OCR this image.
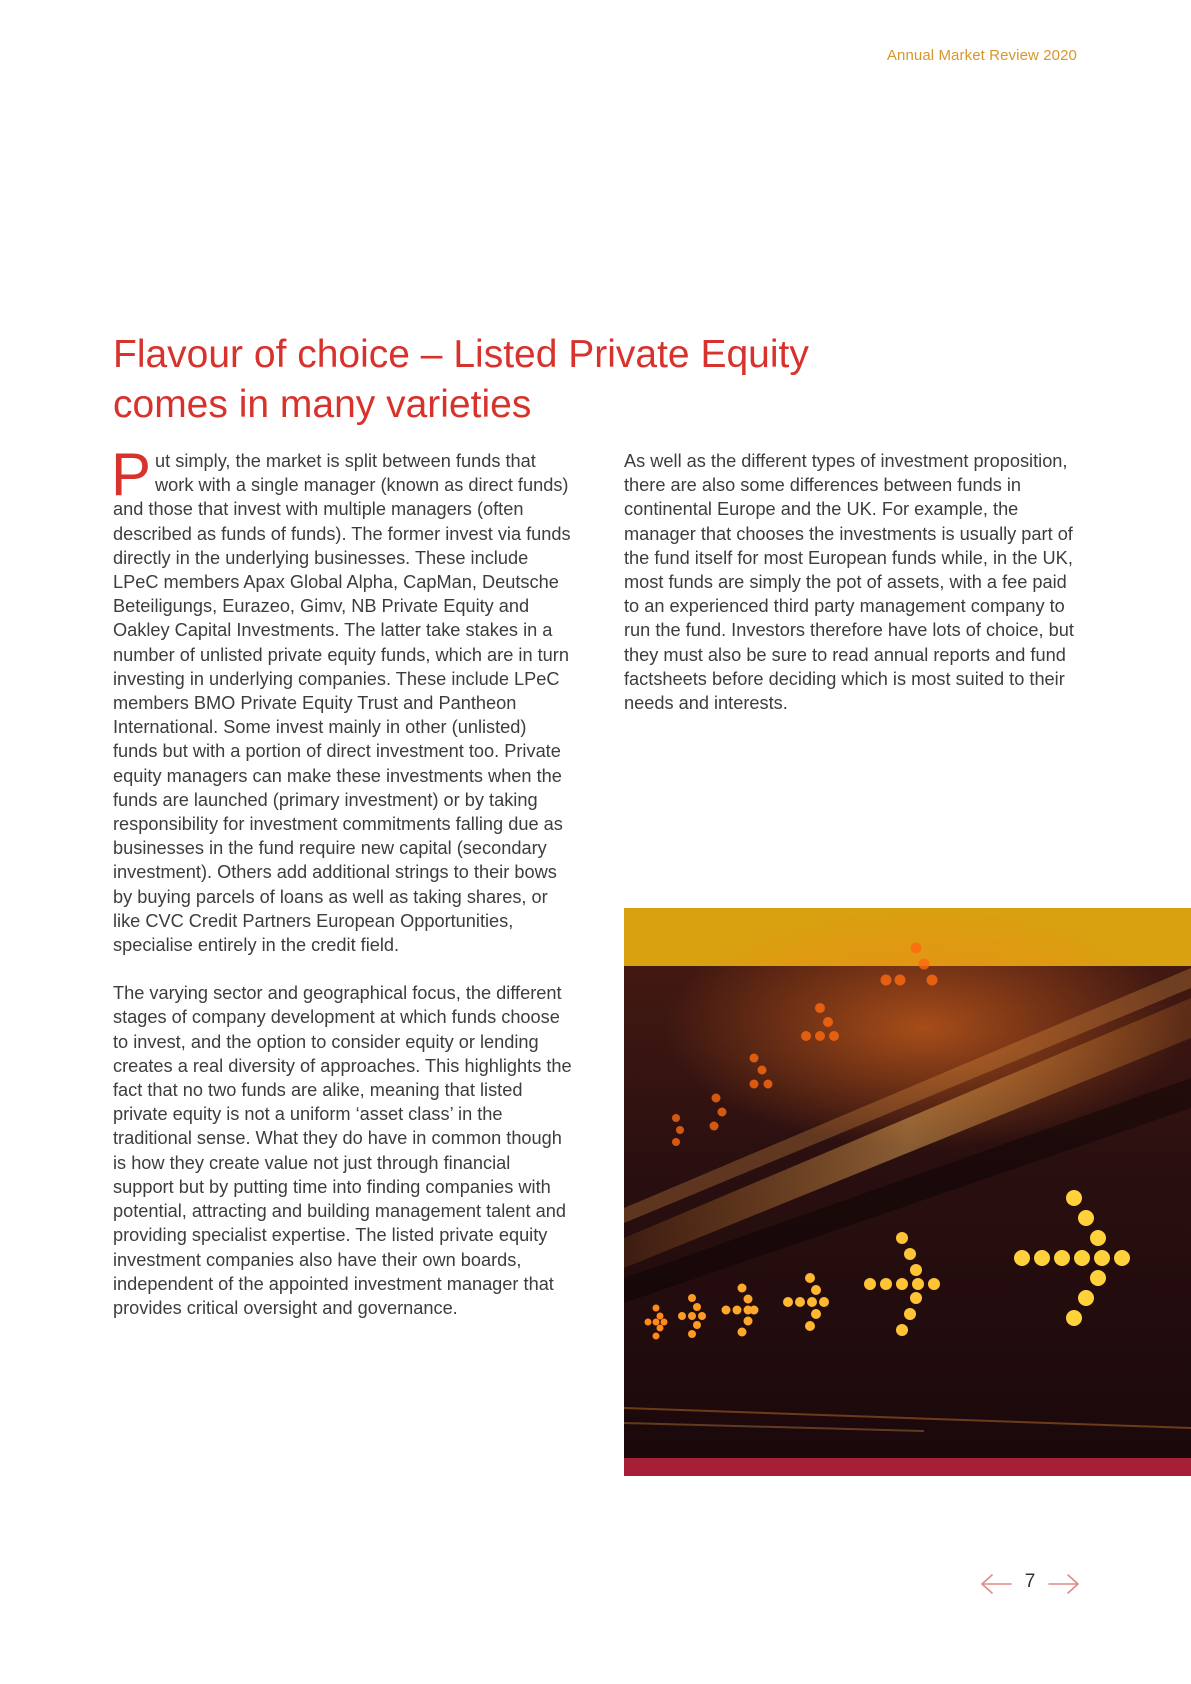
Annual Market Review 2020
Flavour of choice – Listed Private Equity
comes in many varieties

Put simply, the market is split between funds that work with a single manager (known as direct funds) and those that invest with multiple managers (often described as funds of funds). The former invest via funds directly in the underlying businesses. These include LPeC members Apax Global Alpha, CapMan, Deutsche Beteiligungs, Eurazeo, Gimv, NB Private Equity and Oakley Capital Investments. The latter take stakes in a number of unlisted private equity funds, which are in turn investing in underlying companies. These include LPeC members BMO Private Equity Trust and Pantheon International. Some invest mainly in other (unlisted) funds but with a portion of direct investment too. Private equity managers can make these investments when the funds are launched (primary investment) or by taking responsibility for investment commitments falling due as businesses in the fund require new capital (secondary investment). Others add additional strings to their bows by buying parcels of loans as well as taking shares, or like CVC Credit Partners European Opportunities, specialise entirely in the credit field.

The varying sector and geographical focus, the different stages of company development at which funds choose to invest, and the option to consider equity or lending creates a real diversity of approaches. This highlights the fact that no two funds are alike, meaning that listed private equity is not a uniform ‘asset class’ in the traditional sense. What they do have in common though is how they create value not just through financial support but by putting time into finding companies with potential, attracting and building management talent and providing specialist expertise. The listed private equity investment companies also have their own boards, independent of the appointed investment manager that provides critical oversight and governance.

As well as the different types of investment proposition, there are also some differences between funds in continental Europe and the UK. For example, the manager that chooses the investments is usually part of the fund itself for most European funds while, in the UK, most funds are simply the pot of assets, with a fee paid to an experienced third party management company to run the fund. Investors therefore have lots of choice, but they must also be sure to read annual reports and fund factsheets before deciding which is most suited to their needs and interests.

7
